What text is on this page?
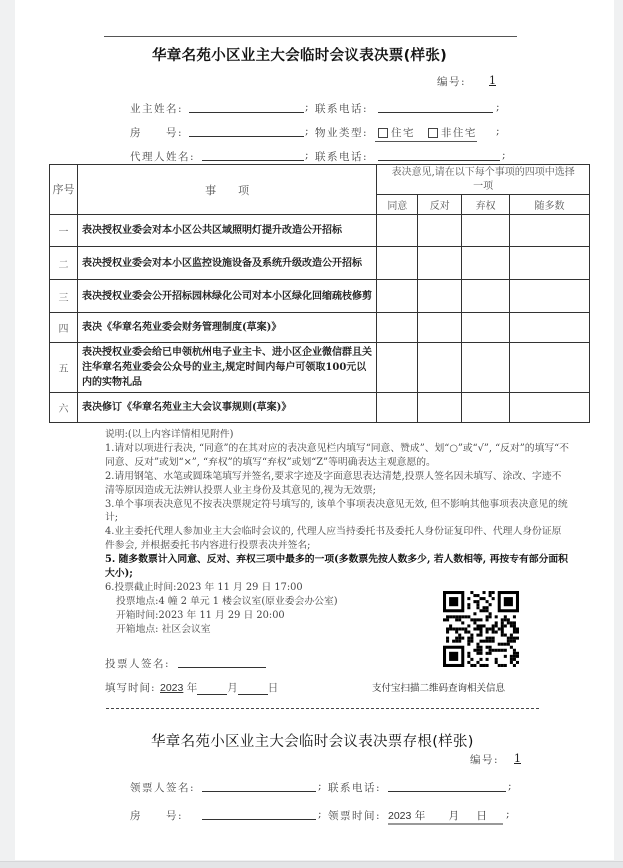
华章名苑小区业主大会临时会议表决票(样张)
编号: 1
业主姓名:	; 联系电话:	;
房　　号:	; 物业类型:	住宅 非住宅 ;
代理人姓名:	; 联系电话:	;
序号	事　　项	表决意见,请在以下每个事项的四项中选择一项			
		同意	反对	弃权	随多数
一	表决授权业委会对本小区公共区域照明灯提升改造公开招标				
二	表决授权业委会对本小区监控设施设备及系统升级改造公开招标				
三	表决授权业委会公开招标园林绿化公司对本小区绿化回缩疏枝修剪				
四	表决《华章名苑业委会财务管理制度(草案)》				
五	表决授权业委会给已申领杭州电子业主卡、进小区企业微信群且关注华章名苑业委会公众号的业主,规定时间内每户可领取100元以内的实物礼品				
六	表决修订《华章名苑业主大会议事规则(草案)》				
说明:(以上内容详情相见附件)
1.请对以项进行表决, “同意”的在其对应的表决意见栏内填写“同意、赞成”、划“○”或“√”, “反对”的填写“不同意、反对”或划“×”, “弃权”的填写“弃权”或划“Z”等明确表达主观意愿的。
2.请用钢笔、水笔或圆珠笔填写并签名,要求字迹及字面意思表达清楚,投票人签名因未填写、涂改、字迹不清等原因造成无法辨认投票人业主身份及其意见的,视为无效票;
3.单个事项表决意见不按表决票规定符号填写的, 该单个事项表决意见无效, 但不影响其他事项表决意见的统计;
4.业主委托代理人参加业主大会临时会议的, 代理人应当持委托书及委托人身份证复印件、代理人身份证原件参会, 并根据委托书内容进行投票表决并签名;
5. 随多数票计入同意、反对、弃权三项中最多的一项(多数票先按人数多少, 若人数相等, 再按专有部分面积大小);
6.投票截止时间:2023 年 11 月 29 日 17:00
投票地点:4 幢 2 单元 1 楼会议室(原业委会办公室)
开箱时间:2023 年 11 月 29 日 20:00
开箱地点: 社区会议室
投票人签名:
填写时间: 2023 年	月	日	支付宝扫描二维码查询相关信息
华章名苑小区业主大会临时会议表决票存根(样张)
编号: 1
领票人签名:	; 联系电话:	;
房　　号:	; 领票时间: 2023 年 月 日	;
